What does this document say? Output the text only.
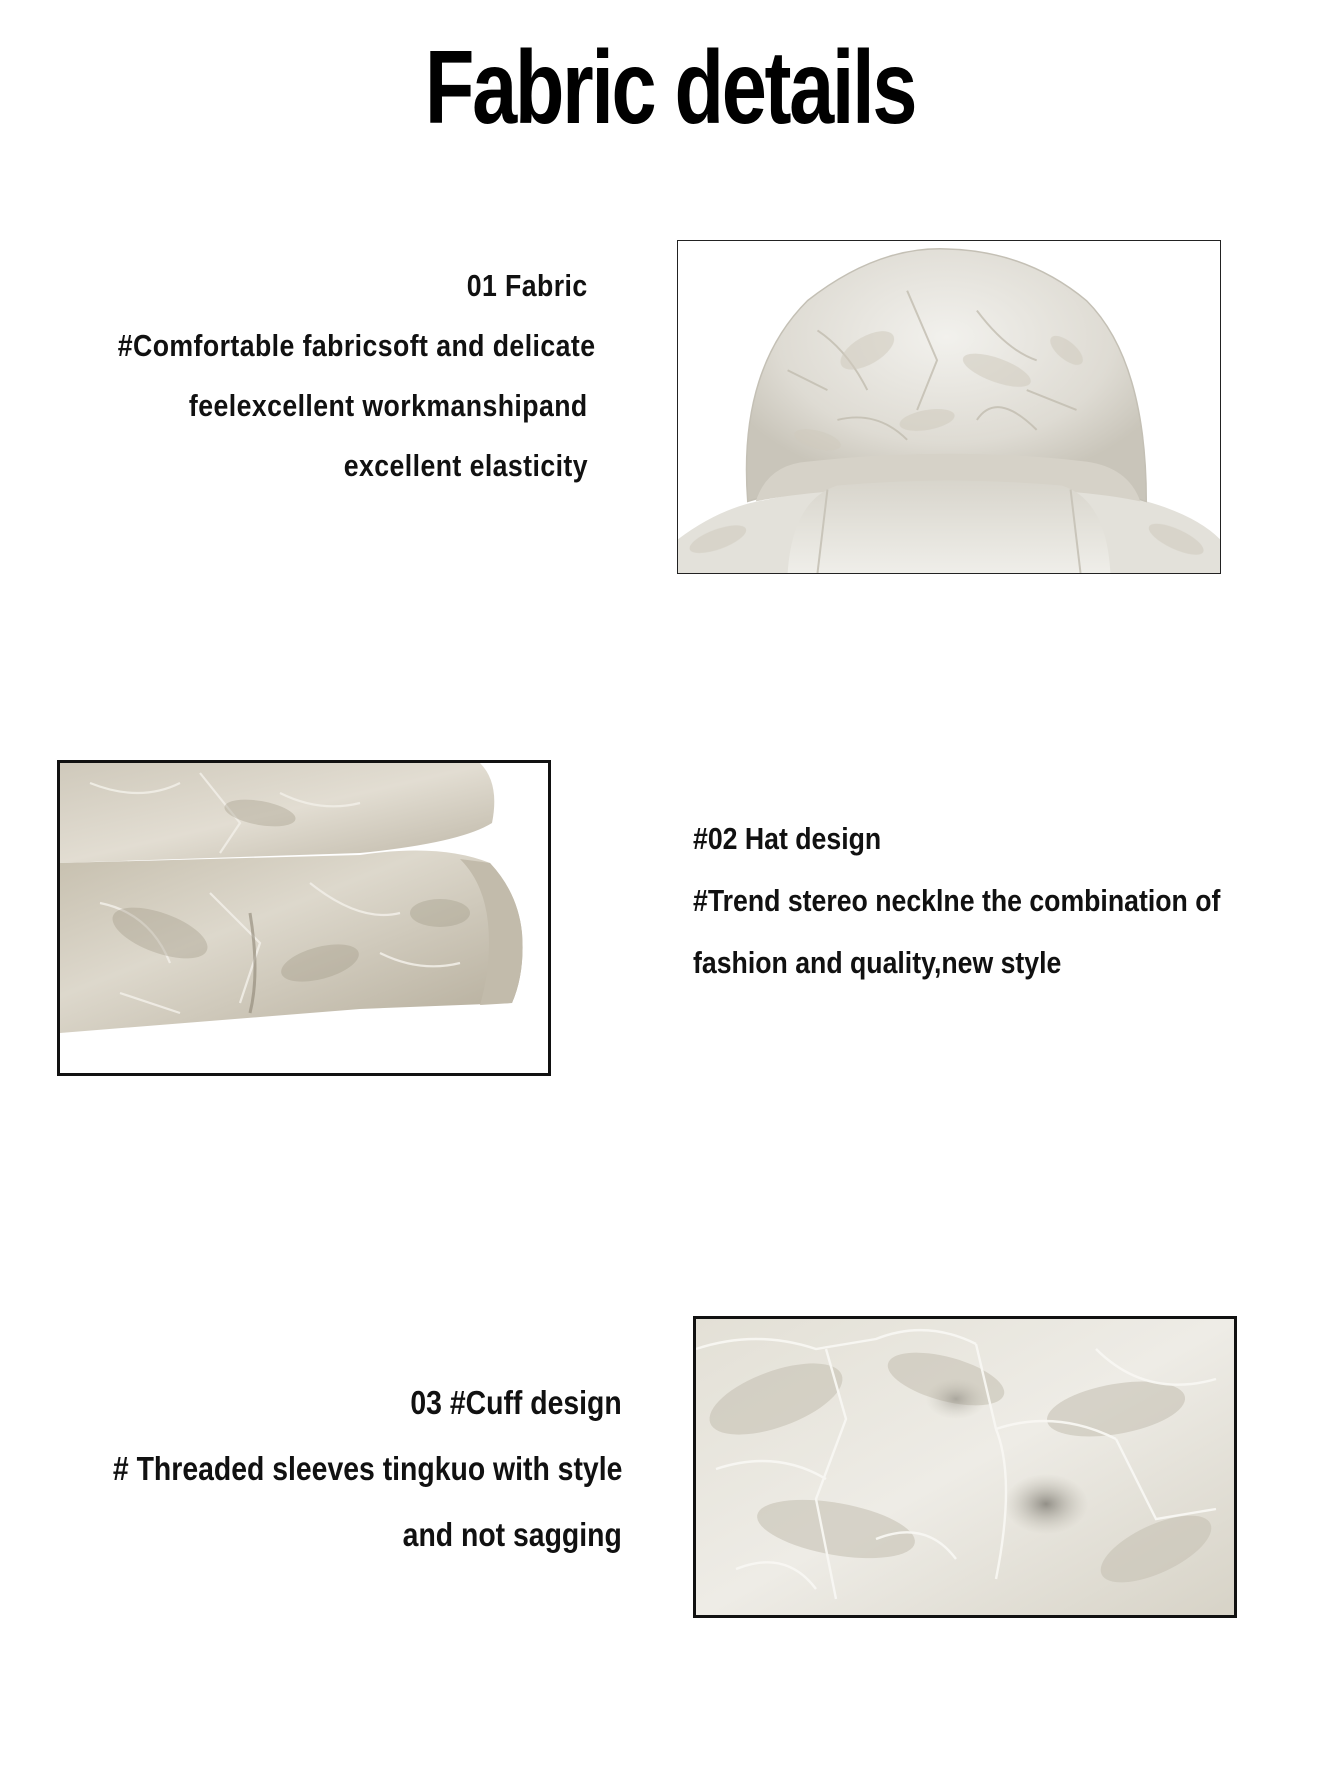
Fabric details
01 Fabric
#Comfortable fabricsoft and delicate
feelexcellent workmanshipand
excellent elasticity
#02 Hat design
#Trend stereo necklne the combination of
fashion and quality,new style
03 #Cuff design
# Threaded sleeves tingkuo with style
and not sagging
